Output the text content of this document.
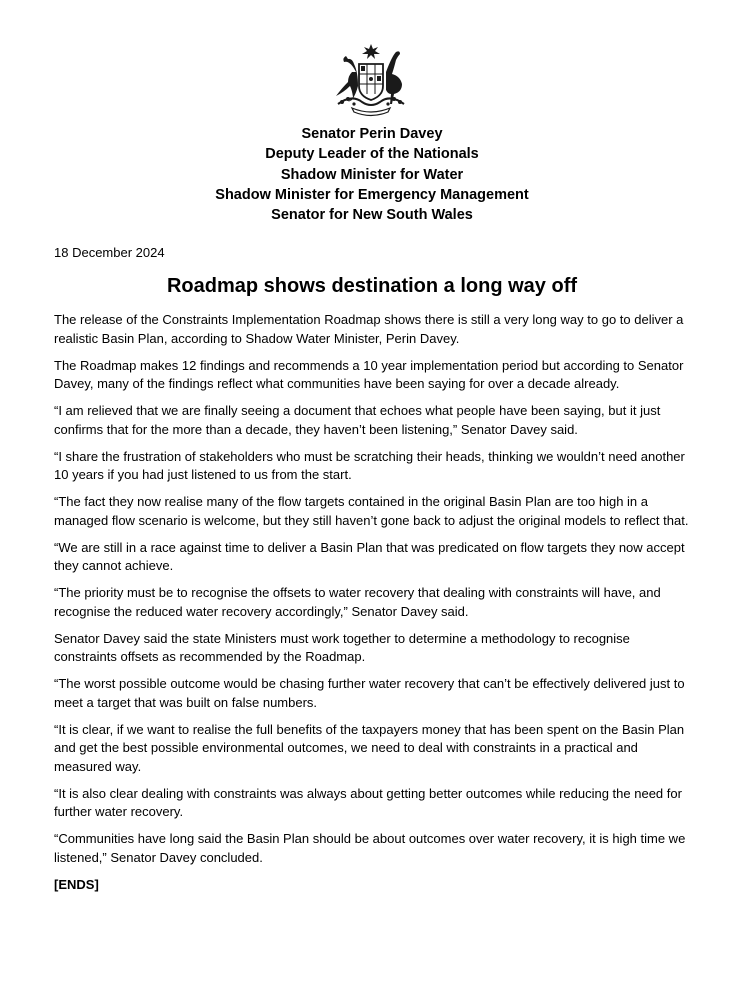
Senator Perin Davey
Deputy Leader of the Nationals
Shadow Minister for Water
Shadow Minister for Emergency Management
Senator for New South Wales
18 December 2024
Roadmap shows destination a long way off

The release of the Constraints Implementation Roadmap shows there is still a very long way to go to deliver a realistic Basin Plan, according to Shadow Water Minister, Perin Davey.

The Roadmap makes 12 findings and recommends a 10 year implementation period but according to Senator Davey, many of the findings reflect what communities have been saying for over a decade already.

“I am relieved that we are finally seeing a document that echoes what people have been saying, but it just confirms that for the more than a decade, they haven’t been listening,” Senator Davey said.

“I share the frustration of stakeholders who must be scratching their heads, thinking we wouldn’t need another 10 years if you had just listened to us from the start.

“The fact they now realise many of the flow targets contained in the original Basin Plan are too high in a managed flow scenario is welcome, but they still haven’t gone back to adjust the original models to reflect that.

“We are still in a race against time to deliver a Basin Plan that was predicated on flow targets they now accept they cannot achieve.

“The priority must be to recognise the offsets to water recovery that dealing with constraints will have, and recognise the reduced water recovery accordingly,” Senator Davey said.

Senator Davey said the state Ministers must work together to determine a methodology to recognise constraints offsets as recommended by the Roadmap.

“The worst possible outcome would be chasing further water recovery that can’t be effectively delivered just to meet a target that was built on false numbers.

“It is clear, if we want to realise the full benefits of the taxpayers money that has been spent on the Basin Plan and get the best possible environmental outcomes, we need to deal with constraints in a practical and measured way.

“It is also clear dealing with constraints was always about getting better outcomes while reducing the need for further water recovery.

“Communities have long said the Basin Plan should be about outcomes over water recovery, it is high time we listened,” Senator Davey concluded.

[ENDS]
